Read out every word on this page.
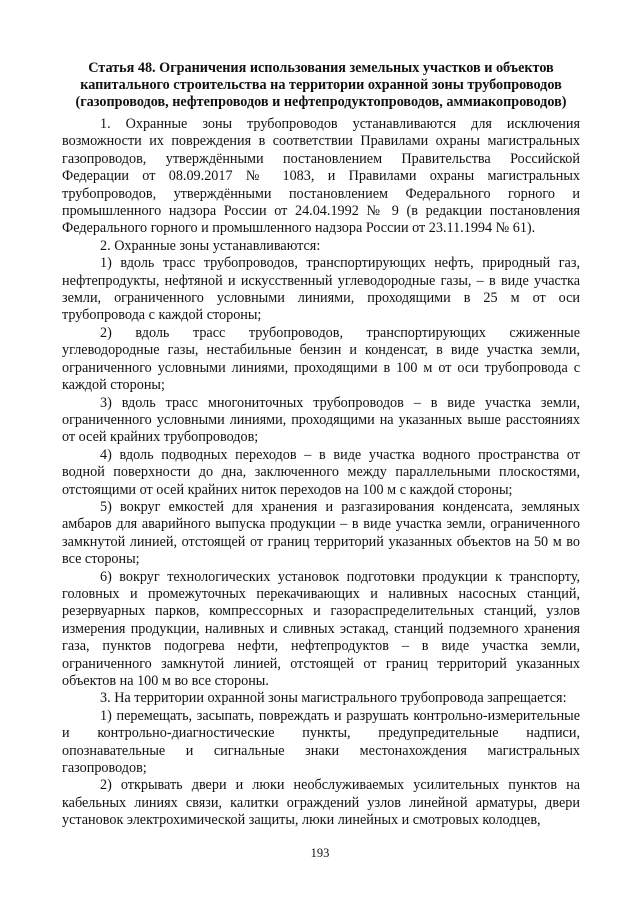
Статья 48. Ограничения использования земельных участков и объектов капитального строительства на территории охранной зоны трубопроводов (газопроводов, нефтепроводов и нефтепродуктопроводов, аммиакопроводов)

1. Охранные зоны трубопроводов устанавливаются для исключения возможности их повреждения в соответствии Правилами охраны магистральных газопроводов, утверждёнными постановлением Правительства Российской Федерации от 08.09.2017 № 1083, и Правилами охраны магистральных трубопроводов, утверждёнными постановлением Федерального горного и промышленного надзора России от 24.04.1992 № 9 (в редакции постановления Федерального горного и промышленного надзора России от 23.11.1994 № 61).

2. Охранные зоны устанавливаются:

1) вдоль трасс трубопроводов, транспортирующих нефть, природный газ, нефтепродукты, нефтяной и искусственный углеводородные газы, – в виде участка земли, ограниченного условными линиями, проходящими в 25 м от оси трубопровода с каждой стороны;

2) вдоль трасс трубопроводов, транспортирующих сжиженные углеводородные газы, нестабильные бензин и конденсат, в виде участка земли, ограниченного условными линиями, проходящими в 100 м от оси трубопровода с каждой стороны;

3) вдоль трасс многониточных трубопроводов – в виде участка земли, ограниченного условными линиями, проходящими на указанных выше расстояниях от осей крайних трубопроводов;

4) вдоль подводных переходов – в виде участка водного пространства от водной поверхности до дна, заключенного между параллельными плоскостями, отстоящими от осей крайних ниток переходов на 100 м с каждой стороны;

5) вокруг емкостей для хранения и разгазирования конденсата, земляных амбаров для аварийного выпуска продукции – в виде участка земли, ограниченного замкнутой линией, отстоящей от границ территорий указанных объектов на 50 м во все стороны;

6) вокруг технологических установок подготовки продукции к транспорту, головных и промежуточных перекачивающих и наливных насосных станций, резервуарных парков, компрессорных и газораспределительных станций, узлов измерения продукции, наливных и сливных эстакад, станций подземного хранения газа, пунктов подогрева нефти, нефтепродуктов – в виде участка земли, ограниченного замкнутой линией, отстоящей от границ территорий указанных объектов на 100 м во все стороны.

3. На территории охранной зоны магистрального трубопровода запрещается:

1) перемещать, засыпать, повреждать и разрушать контрольно-измерительные и контрольно-диагностические пункты, предупредительные надписи, опознавательные и сигнальные знаки местонахождения магистральных газопроводов;

2) открывать двери и люки необслуживаемых усилительных пунктов на кабельных линиях связи, калитки ограждений узлов линейной арматуры, двери установок электрохимической защиты, люки линейных и смотровых колодцев,

193
